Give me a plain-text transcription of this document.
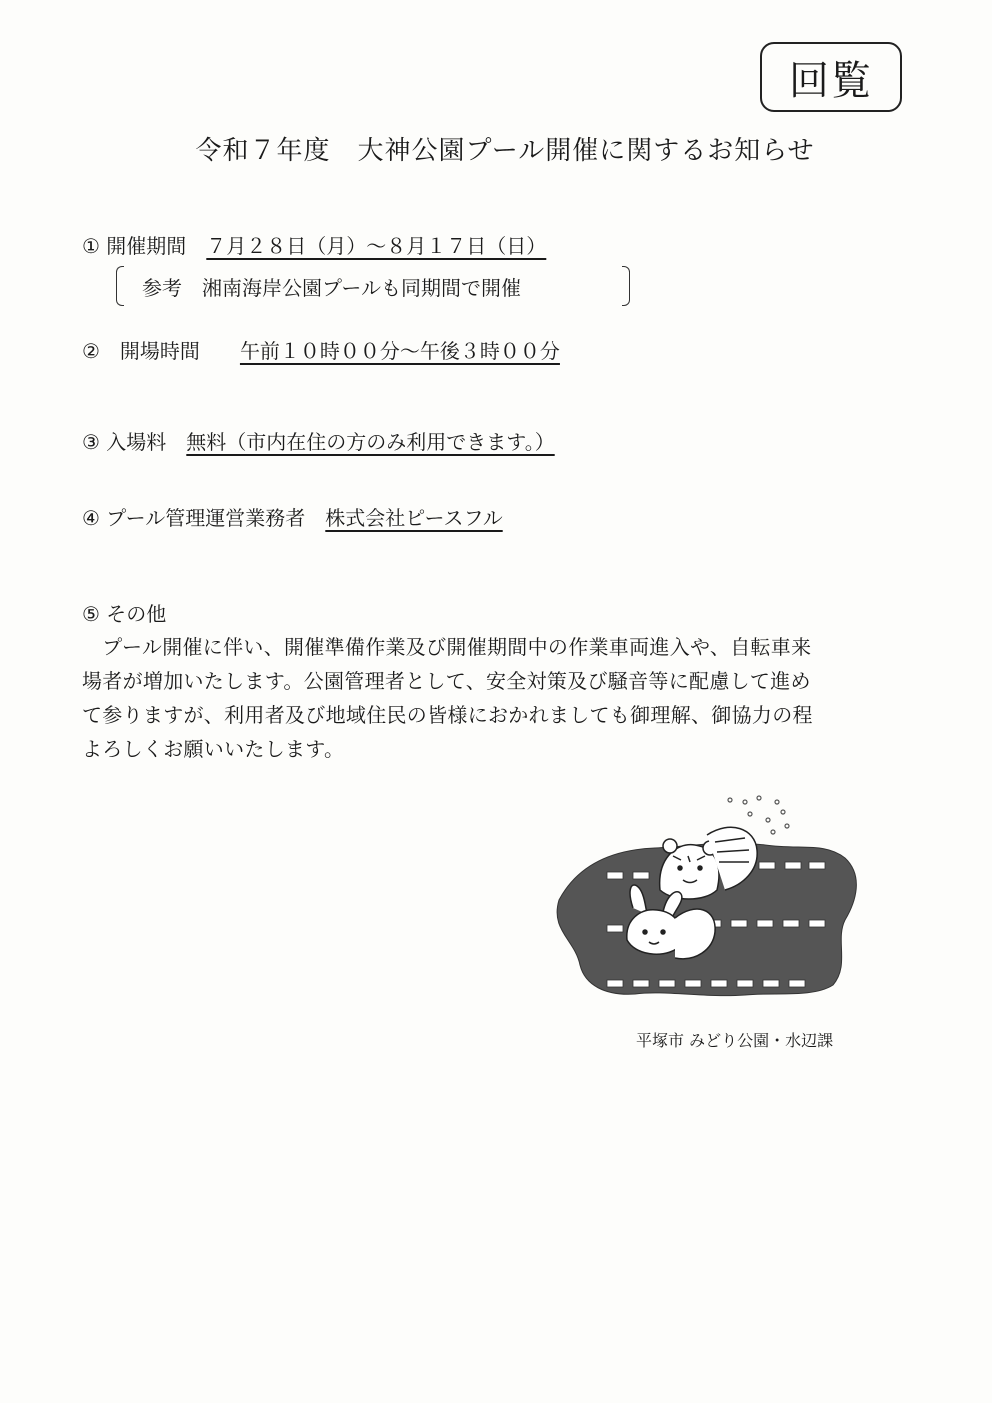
回覧
令和７年度　大神公園プール開催に関するお知らせ
① 開催期間　７月２８日（月）～８月１７日（日）

参考　湘南海岸公園プールも同期間で開催

②　開場時間　　午前１０時００分～午後３時００分
③ 入場料　無料（市内在住の方のみ利用できます。）
④ プール管理運営業務者　株式会社ピースフル
⑤ その他
　プール開催に伴い、開催準備作業及び開催期間中の作業車両進入や、自転車来
場者が増加いたします。公園管理者として、安全対策及び騒音等に配慮して進め
て参りますが、利用者及び地域住民の皆様におかれましても御理解、御協力の程
よろしくお願いいたします。
平塚市 みどり公園・水辺課
